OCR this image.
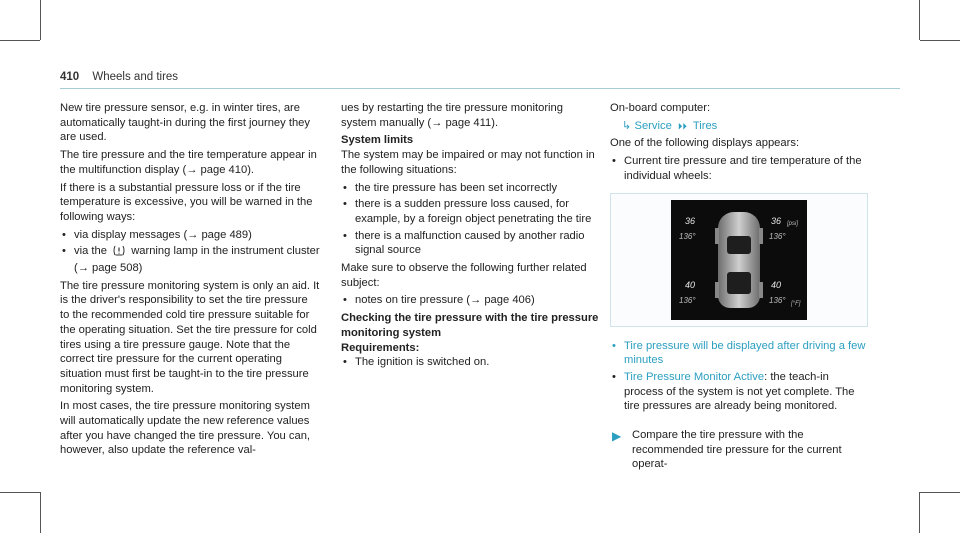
410 Wheels and tires

New tire pressure sensor, e.g. in winter tires, are automatically taught-in during the first journey they are used.

The tire pressure and the tire temperature appear in the multifunction display (→ page 410).

If there is a substantial pressure loss or if the tire temperature is excessive, you will be warned in the following ways:

• via display messages (→ page 489)
• via the warning lamp in the instrument cluster (→ page 508)

The tire pressure monitoring system is only an aid. It is the driver's responsibility to set the tire pressure to the recommended cold tire pressure suitable for the operating situation. Set the tire pressure for cold tires using a tire pressure gauge. Note that the correct tire pressure for the current operating situation must first be taught-in to the tire pressure monitoring system.

In most cases, the tire pressure monitoring system will automatically update the new reference values after you have changed the tire pressure. You can, however, also update the reference val-

ues by restarting the tire pressure monitoring system manually (→ page 411).

System limits

The system may be impaired or may not function in the following situations:

• the tire pressure has been set incorrectly
• there is a sudden pressure loss caused, for example, by a foreign object penetrating the tire
• there is a malfunction caused by another radio signal source

Make sure to observe the following further related subject:

• notes on tire pressure (→ page 406)

Checking the tire pressure with the tire pressure monitoring system

Requirements:

• The ignition is switched on.

On-board computer:

↳ Service ⏵⏵ Tires

One of the following displays appears:

• Current tire pressure and tire temperature of the individual wheels:
36	36 [psi]
136°	136°
40	40
136°	136° [°F]
• Tire pressure will be displayed after driving a few minutes
• Tire Pressure Monitor Active: the teach-in process of the system is not yet complete. The tire pressures are already being monitored.

▶ Compare the tire pressure with the recommended tire pressure for the current operat-
